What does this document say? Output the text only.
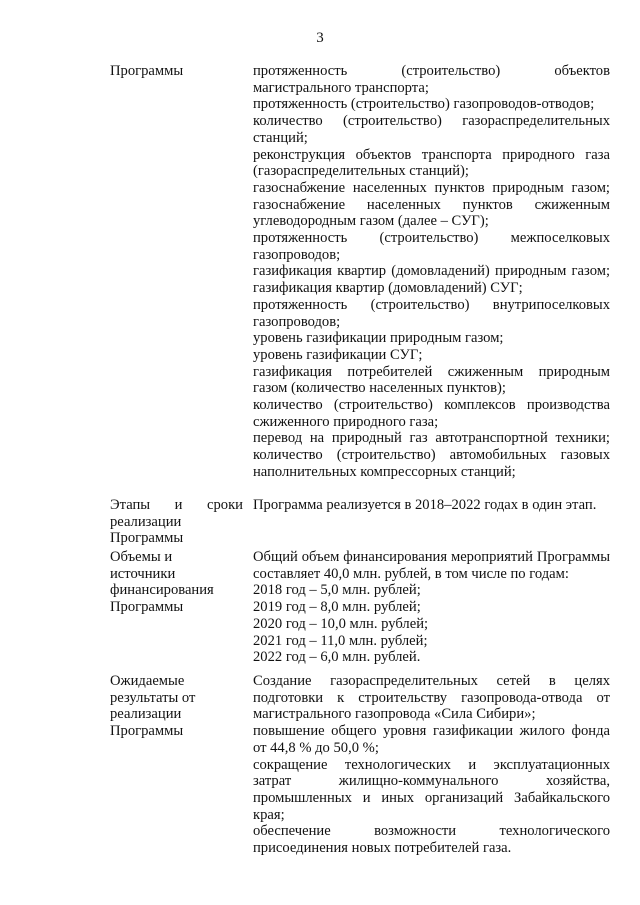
3
Программы	протяженность (строительство) объектов магистрального транспорта;
протяженность (строительство) газопроводов-отводов;
количество (строительство) газораспределительных станций;
реконструкция объектов транспорта природного газа (газораспределительных станций);
газоснабжение населенных пунктов природным газом;
газоснабжение населенных пунктов сжиженным углеводородным газом (далее – СУГ);
протяженность (строительство) межпоселковых газопроводов;
газификация квартир (домовладений) природным газом;
газификация квартир (домовладений) СУГ;
протяженность (строительство) внутрипоселковых газопроводов;
уровень газификации природным газом;
уровень газификации СУГ;
газификация потребителей сжиженным природным газом (количество населенных пунктов);
количество (строительство) комплексов производства сжиженного природного газа;
перевод на природный газ автотранспортной техники;
количество (строительство) автомобильных газовых наполнительных компрессорных станций;
Этапы и сроки
реализации
Программы
Программа реализуется в 2018–2022 годах в один этап.
Объемы и
источники
финансирования
Программы
Общий объем финансирования мероприятий Программы составляет 40,0 млн. рублей, в том числе по годам:
2018 год – 5,0 млн. рублей;
2019 год – 8,0 млн. рублей;
2020 год – 10,0 млн. рублей;
2021 год – 11,0 млн. рублей;
2022 год – 6,0 млн. рублей.
Ожидаемые
результаты от
реализации
Программы
Создание газораспределительных сетей в целях подготовки к строительству газопровода-отвода от магистрального газопровода «Сила Сибири»;
повышение общего уровня газификации жилого фонда от 44,8 % до 50,0 %;
сокращение технологических и эксплуатационных затрат жилищно-коммунального хозяйства, промышленных и иных организаций Забайкальского края;
обеспечение возможности технологического присоединения новых потребителей газа.
